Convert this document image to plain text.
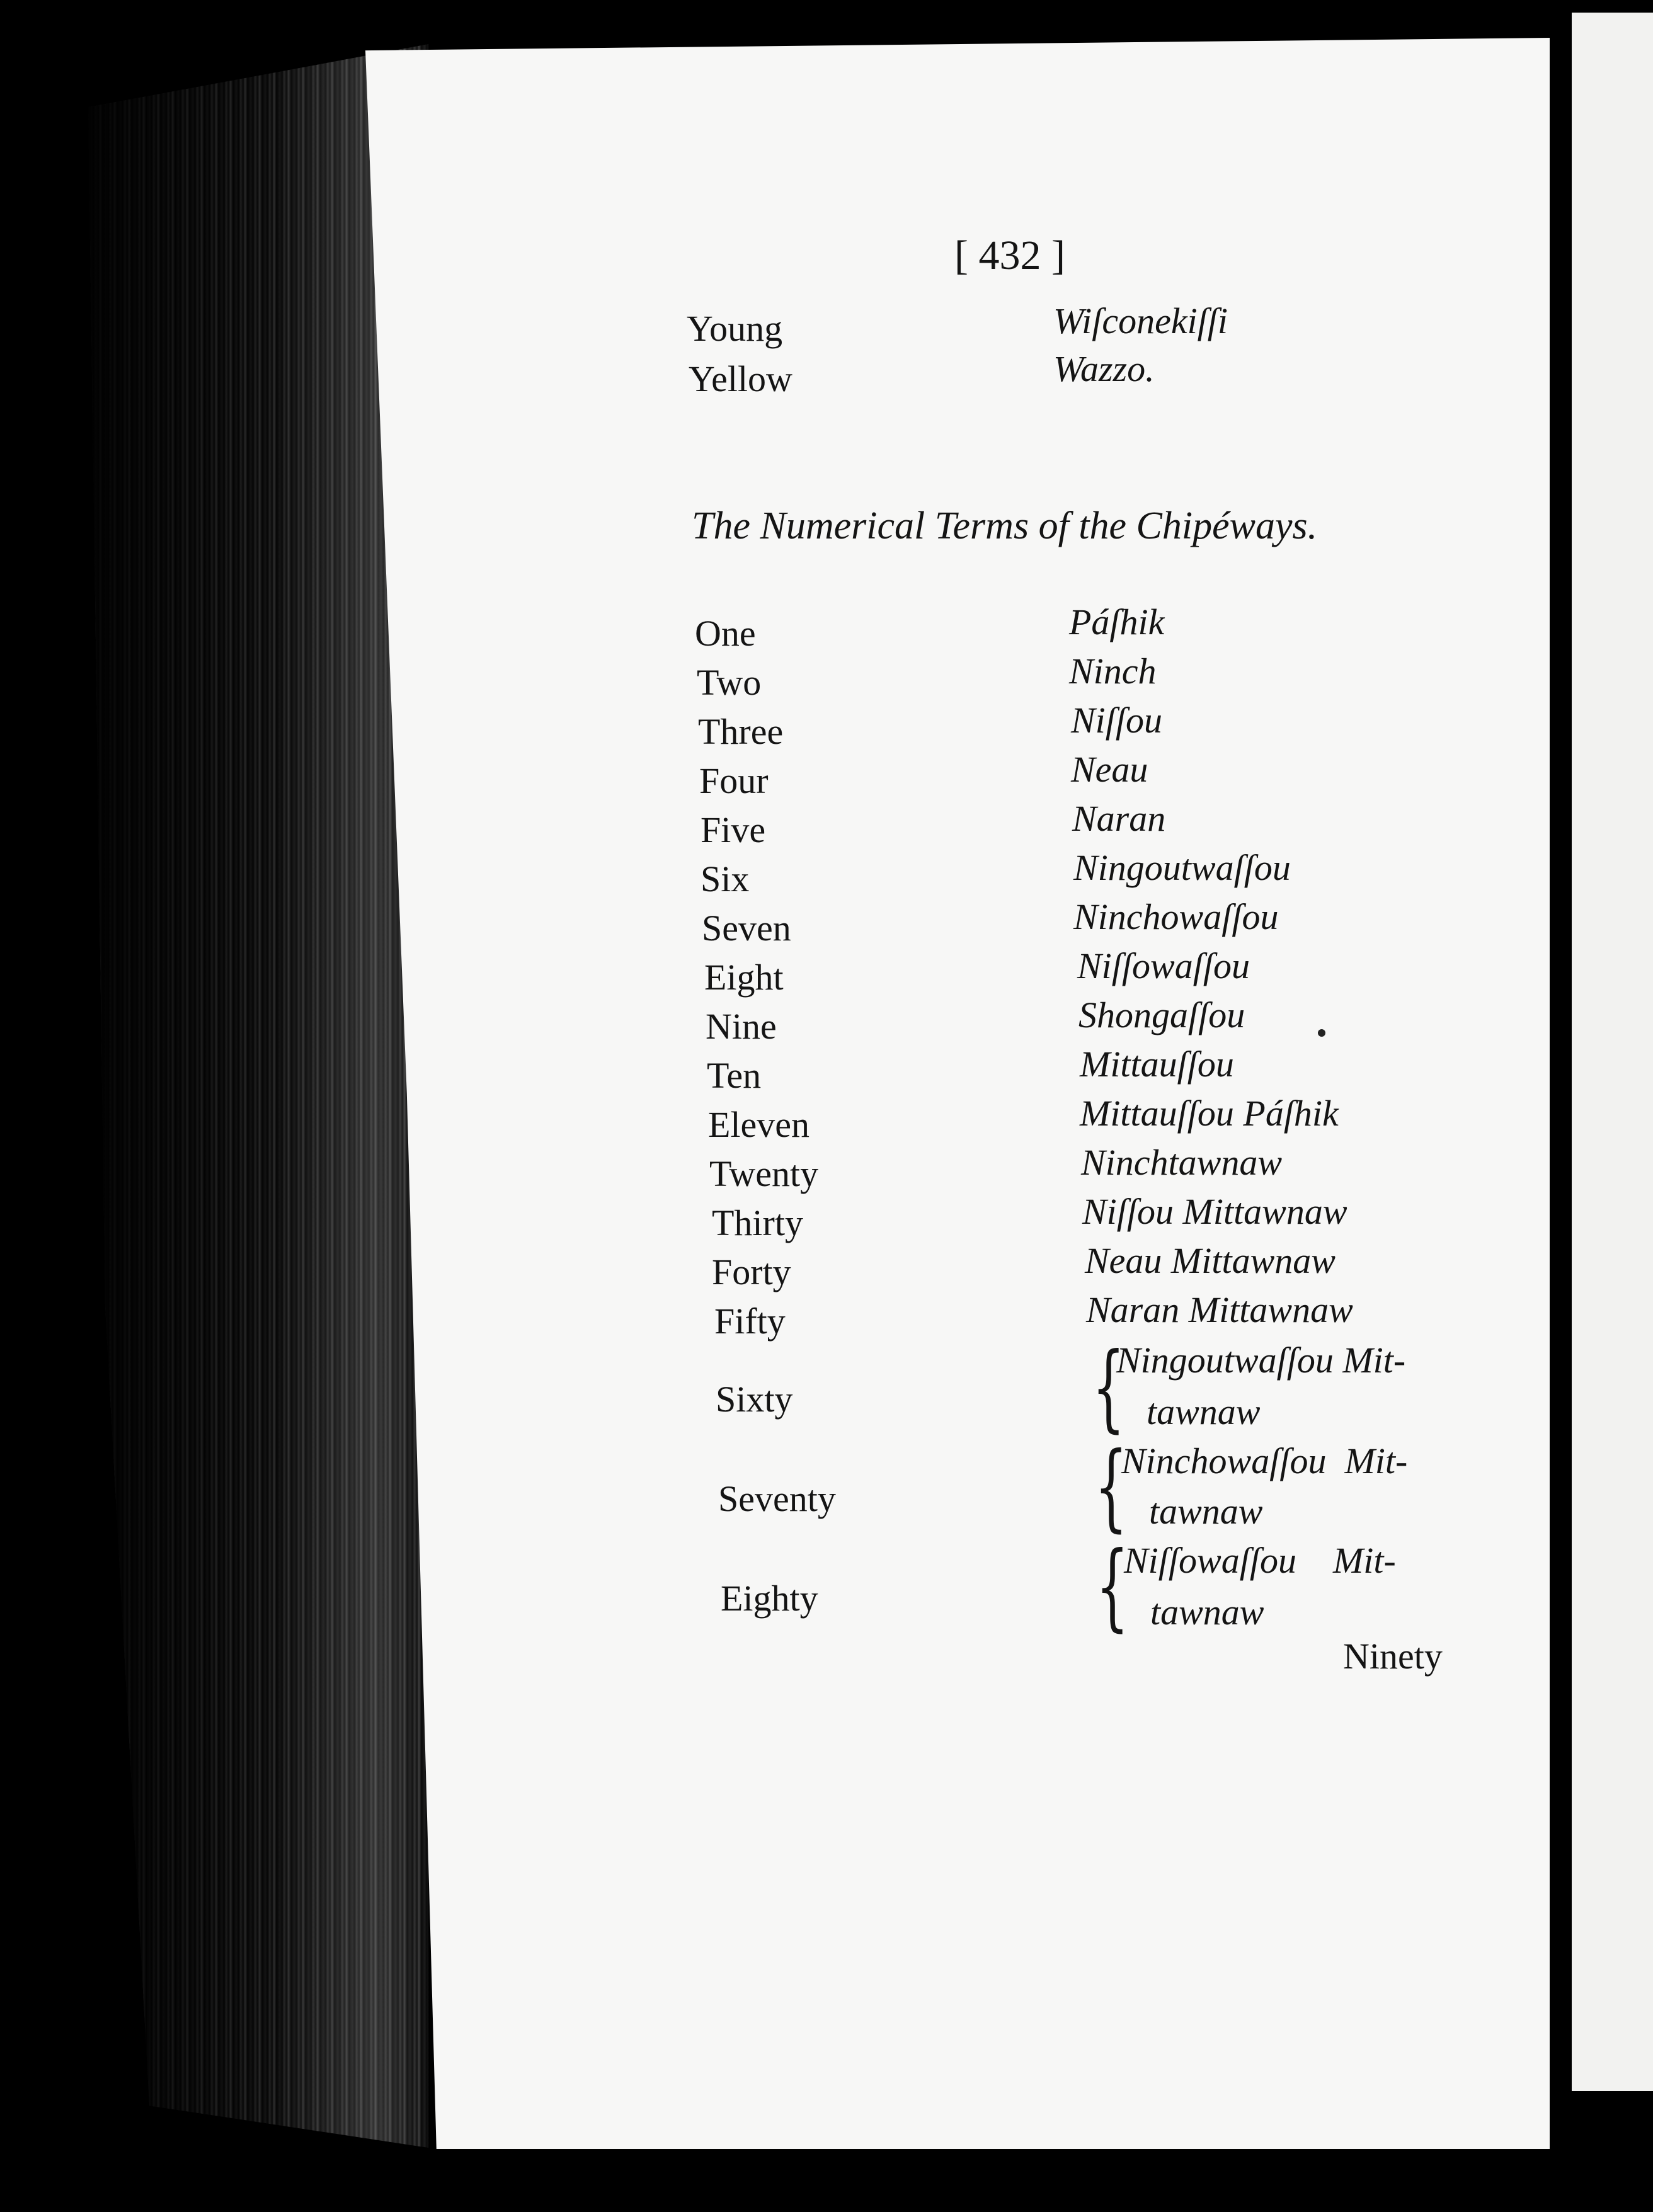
[ 432 ]
Young	Wiſconekiſſi
Yellow	Wazzo.
The Numerical Terms of the Chipéways.
One	Páſhik
Two	Ninch
Three	Niſſou
Four	Neau
Five	Naran
Six	Ningoutwaſſou
Seven	Ninchowaſſou
Eight	Niſſowaſſou
Nine	Shongaſſou
Ten	Mittauſſou
Eleven	Mittauſſou Páſhik
Twenty	Ninchtawnaw
Thirty	Niſſou Mittawnaw
Forty	Neau Mittawnaw
Fifty	Naran Mittawnaw
Sixty	{
Ningoutwaſſou Mit-
tawnaw
Seventy	{
Ninchowaſſou  Mit-
tawnaw
Eighty	{
Niſſowaſſou    Mit-
tawnaw
Ninety
